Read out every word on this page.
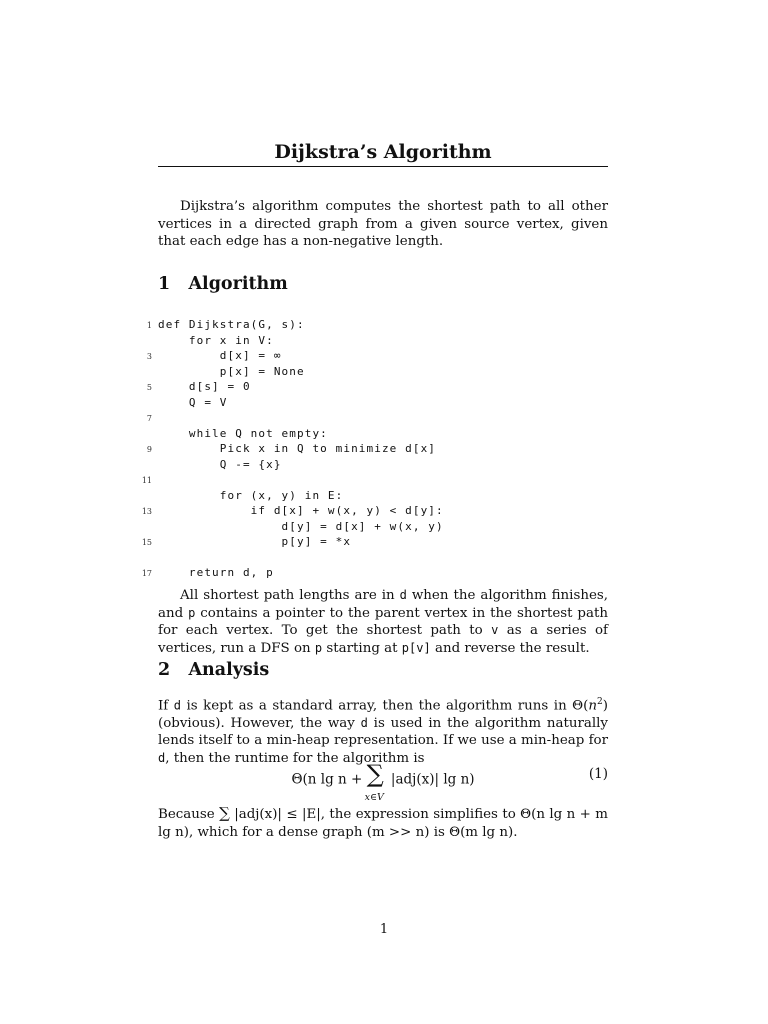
Dijkstra’s Algorithm
Dijkstra’s algorithm computes the shortest path to all other vertices in a directed graph from a given source vertex, given that each edge has a non-negative length.
1 Algorithm
def Dijkstra(G, s):
1
for x in V:
d[x] = ∞
3
p[x] = None
d[s] = 0
5
Q = V
7
while Q not empty:
Pick x in Q to minimize d[x]
9
Q -= {x}
11
for (x, y) in E:
if d[x] + w(x, y) < d[y]:
13
d[y] = d[x] + w(x, y)
p[y] = *x
15
return d, p
17
All shortest path lengths are in d when the algorithm finishes, and p contains a pointer to the parent vertex in the shortest path for each vertex. To get the shortest path to v as a series of vertices, run a DFS on p starting at p[v] and reverse the result.
2 Analysis
If d is kept as a standard array, then the algorithm runs in $\Theta(n^2)$ (obvious). However, the way d is used in the algorithm naturally lends itself to a min-heap representation. If we use a min-heap for d, then the runtime for the algorithm is
Θ(n lg n + ∑
x∈V
|adj(x)| lg n)	(1)
Because ∑ |adj(x)| ≤ |E|, the expression simplifies to Θ(n lg n + m lg n), which for a dense graph (m >> n) is Θ(m lg n).
1
